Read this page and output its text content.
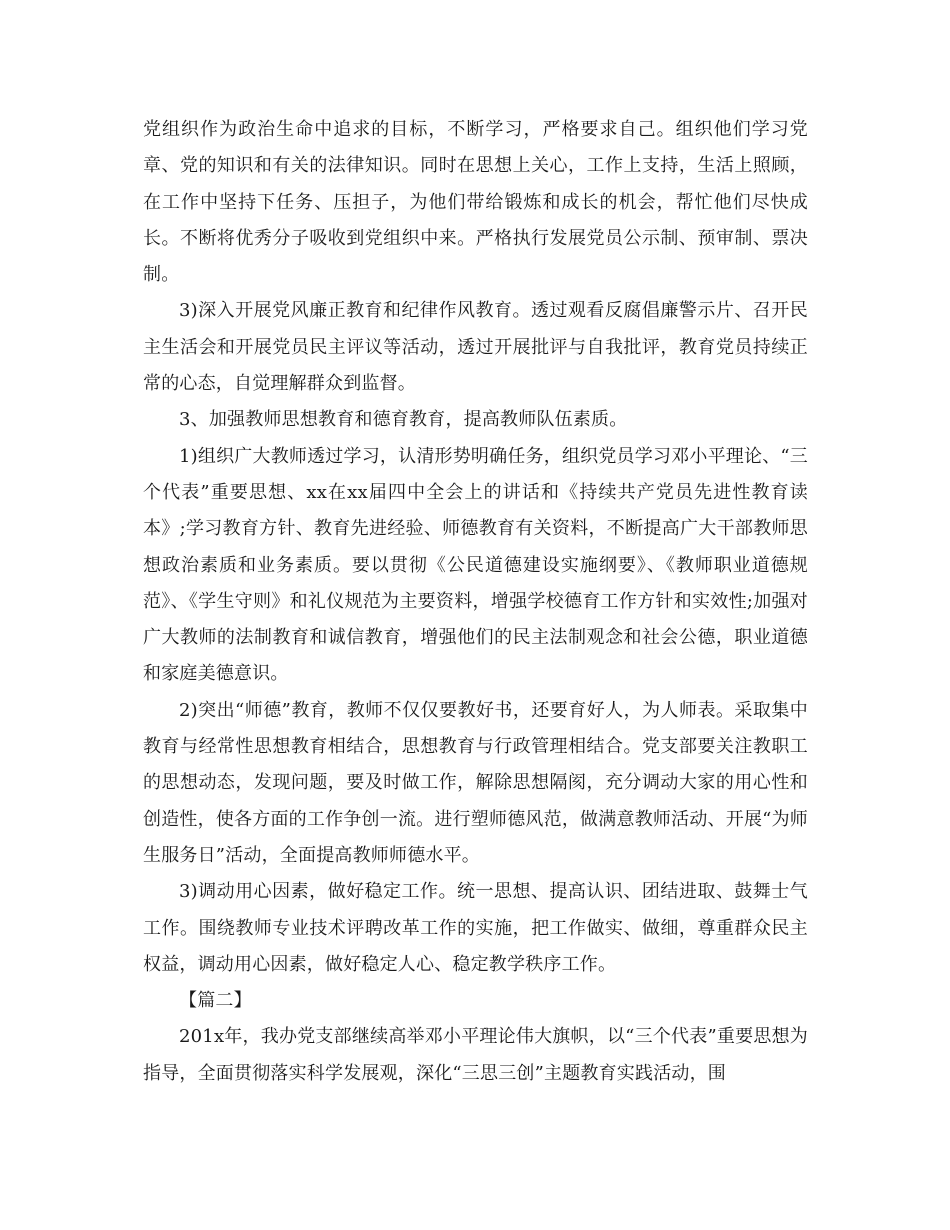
党组织作为政治生命中追求的目标，不断学习，严格要求自己。组织他们学习党章、党的知识和有关的法律知识。同时在思想上关心，工作上支持，生活上照顾，在工作中坚持下任务、压担子，为他们带给锻炼和成长的机会，帮忙他们尽快成长。不断将优秀分子吸收到党组织中来。严格执行发展党员公示制、预审制、票决制。

3)深入开展党风廉正教育和纪律作风教育。透过观看反腐倡廉警示片、召开民主生活会和开展党员民主评议等活动，透过开展批评与自我批评，教育党员持续正常的心态，自觉理解群众到监督。

3、加强教师思想教育和德育教育，提高教师队伍素质。

1)组织广大教师透过学习，认清形势明确任务，组织党员学习邓小平理论、“三个代表”重要思想、xx在xx届四中全会上的讲话和《持续共产党员先进性教育读本》;学习教育方针、教育先进经验、师德教育有关资料，不断提高广大干部教师思想政治素质和业务素质。要以贯彻《公民道德建设实施纲要》、《教师职业道德规范》、《学生守则》和礼仪规范为主要资料，增强学校德育工作方针和实效性;加强对广大教师的法制教育和诚信教育，增强他们的民主法制观念和社会公德，职业道德和家庭美德意识。

2)突出“师德”教育，教师不仅仅要教好书，还要育好人，为人师表。采取集中教育与经常性思想教育相结合，思想教育与行政管理相结合。党支部要关注教职工的思想动态，发现问题，要及时做工作，解除思想隔阂，充分调动大家的用心性和创造性，使各方面的工作争创一流。进行塑师德风范，做满意教师活动、开展“为师生服务日”活动，全面提高教师师德水平。

3)调动用心因素，做好稳定工作。统一思想、提高认识、团结进取、鼓舞士气工作。围绕教师专业技术评聘改革工作的实施，把工作做实、做细，尊重群众民主权益，调动用心因素，做好稳定人心、稳定教学秩序工作。

【篇二】

201x年，我办党支部继续高举邓小平理论伟大旗帜，以“三个代表”重要思想为指导，全面贯彻落实科学发展观，深化“三思三创”主题教育实践活动，围
